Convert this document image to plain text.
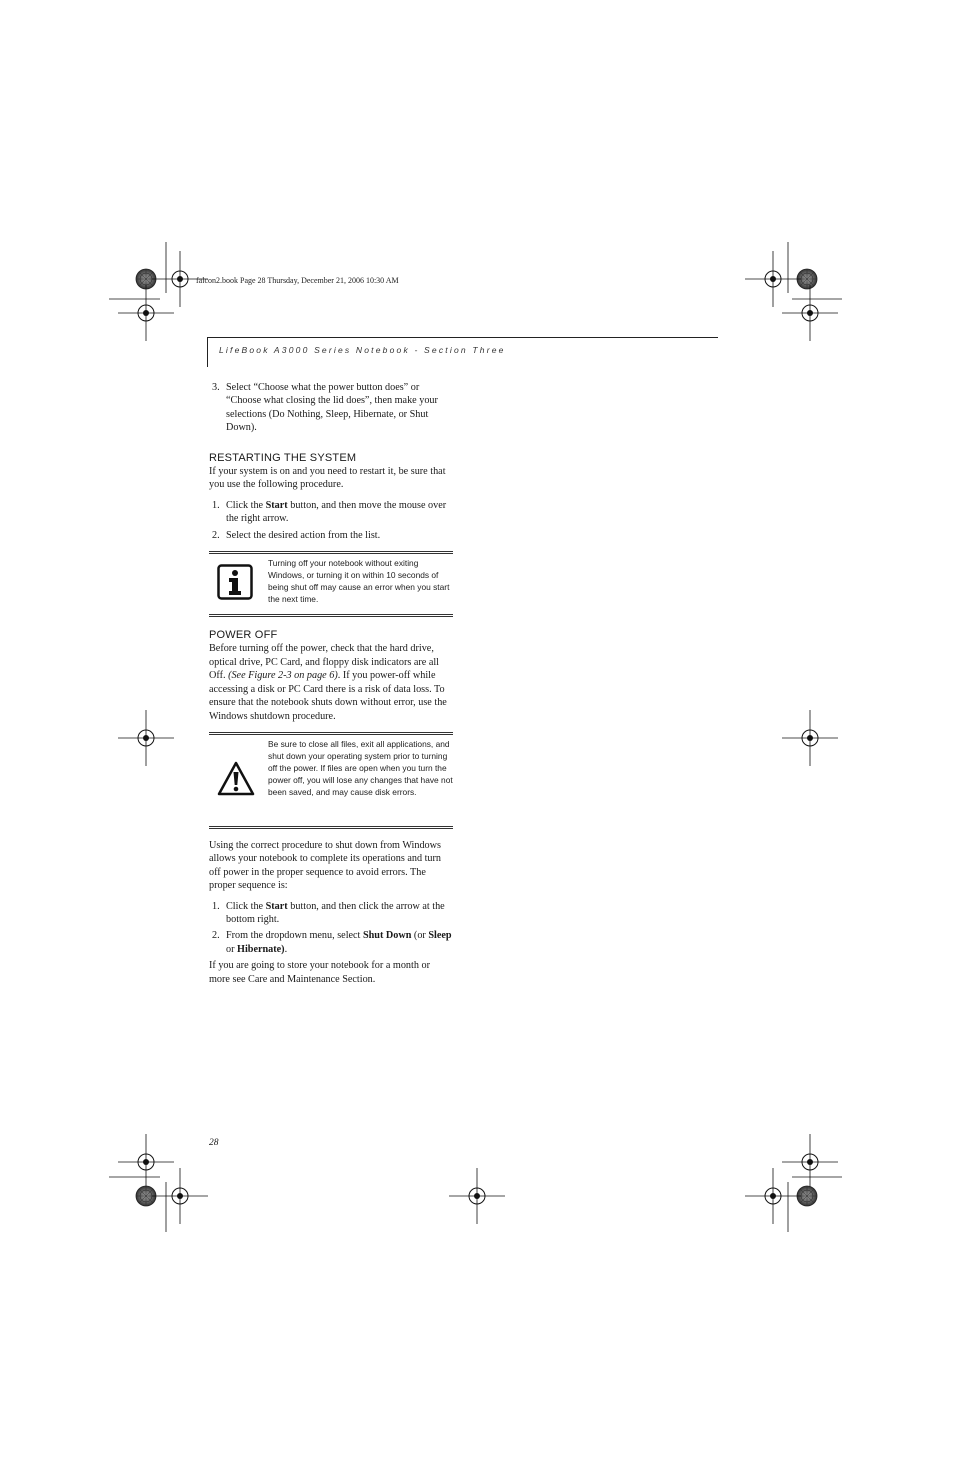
falcon2.book Page 28 Thursday, December 21, 2006 10:30 AM
LifeBook A3000 Series Notebook - Section Three
3. Select “Choose what the power button does” or “Choose what closing the lid does”, then make your selections (Do Nothing, Sleep, Hibernate, or Shut Down).
RESTARTING THE SYSTEM

If your system is on and you need to restart it, be sure that you use the following procedure.

1. Click the Start button, and then move the mouse over the right arrow.
2. Select the desired action from the list.
Turning off your notebook without exiting Windows, or turning it on within 10 seconds of being shut off may cause an error when you start the next time.
POWER OFF

Before turning off the power, check that the hard drive, optical drive, PC Card, and floppy disk indicators are all Off. (See Figure 2-3 on page 6). If you power-off while accessing a disk or PC Card there is a risk of data loss. To ensure that the notebook shuts down without error, use the Windows shutdown procedure.

Be sure to close all files, exit all applications, and shut down your operating system prior to turning off the power. If files are open when you turn the power off, you will lose any changes that have not been saved, and may cause disk errors.

Using the correct procedure to shut down from Windows allows your notebook to complete its operations and turn off power in the proper sequence to avoid errors. The proper sequence is:

1. Click the Start button, and then click the arrow at the bottom right.
2. From the dropdown menu, select Shut Down (or Sleep or Hibernate).

If you are going to store your notebook for a month or more see Care and Maintenance Section.

28
